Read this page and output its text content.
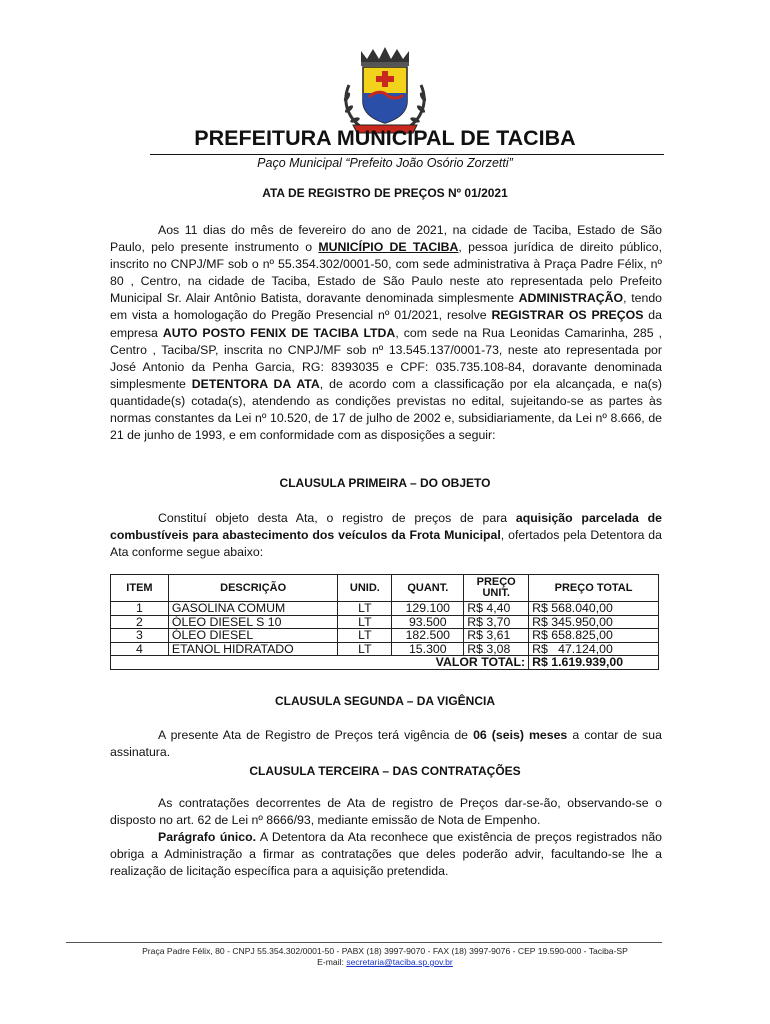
PREFEITURA MUNICIPAL DE TACIBA
Paço Municipal “Prefeito João Osório Zorzetti”
ATA DE REGISTRO DE PREÇOS Nº 01/2021
Aos 11 dias do mês de fevereiro do ano de 2021, na cidade de Taciba, Estado de São Paulo, pelo presente instrumento o MUNICÍPIO DE TACIBA, pessoa jurídica de direito público, inscrito no CNPJ/MF sob o nº 55.354.302/0001-50, com sede administrativa à Praça Padre Félix, nº 80 , Centro, na cidade de Taciba, Estado de São Paulo neste ato representada pelo Prefeito Municipal Sr. Alair Antônio Batista, doravante denominada simplesmente ADMINISTRAÇÃO, tendo em vista a homologação do Pregão Presencial nº 01/2021, resolve REGISTRAR OS PREÇOS da empresa AUTO POSTO FENIX DE TACIBA LTDA, com sede na Rua Leonidas Camarinha, 285 , Centro , Taciba/SP, inscrita no CNPJ/MF sob nº 13.545.137/0001-73, neste ato representada por José Antonio da Penha Garcia, RG: 8393035 e CPF: 035.735.108-84, doravante denominada simplesmente DETENTORA DA ATA, de acordo com a classificação por ela alcançada, e na(s) quantidade(s) cotada(s), atendendo as condições previstas no edital, sujeitando-se as partes às normas constantes da Lei nº 10.520, de 17 de julho de 2002 e, subsidiariamente, da Lei nº 8.666, de 21 de junho de 1993, e em conformidade com as disposições a seguir:
CLAUSULA PRIMEIRA – DO OBJETO
Constituí objeto desta Ata, o registro de preços de para aquisição parcelada de combustíveis para abastecimento dos veículos da Frota Municipal, ofertados pela Detentora da Ata conforme segue abaixo:
ITEM	DESCRIÇÃO	UNID.	QUANT.	PREÇO UNIT.	PREÇO TOTAL
1	GASOLINA COMUM	LT	129.100	R$ 4,40	R$ 568.040,00
2	ÓLEO DIESEL S 10	LT	93.500	R$ 3,70	R$ 345.950,00
3	ÓLEO DIESEL	LT	182.500	R$ 3,61	R$ 658.825,00
4	ETANOL HIDRATADO	LT	15.300	R$ 3,08	R$   47.124,00
VALOR TOTAL:					R$ 1.619.939,00
CLAUSULA SEGUNDA – DA VIGÊNCIA
A presente Ata de Registro de Preços terá vigência de 06 (seis) meses a contar de sua assinatura.
CLAUSULA TERCEIRA – DAS CONTRATAÇÕES
As contratações decorrentes de Ata de registro de Preços dar-se-ão, observando-se o disposto no art. 62 de Lei nº 8666/93, mediante emissão de Nota de Empenho.
Parágrafo único. A Detentora da Ata reconhece que existência de preços registrados não obriga a Administração a firmar as contratações que deles poderão advir, facultando-se lhe a realização de licitação específica para a aquisição pretendida.
Praça Padre Félix, 80 - CNPJ 55.354.302/0001-50 - PABX (18) 3997-9070 - FAX (18) 3997-9076 - CEP 19.590-000 - Taciba-SP
E-mail: secretaria@taciba.sp.gov.br
